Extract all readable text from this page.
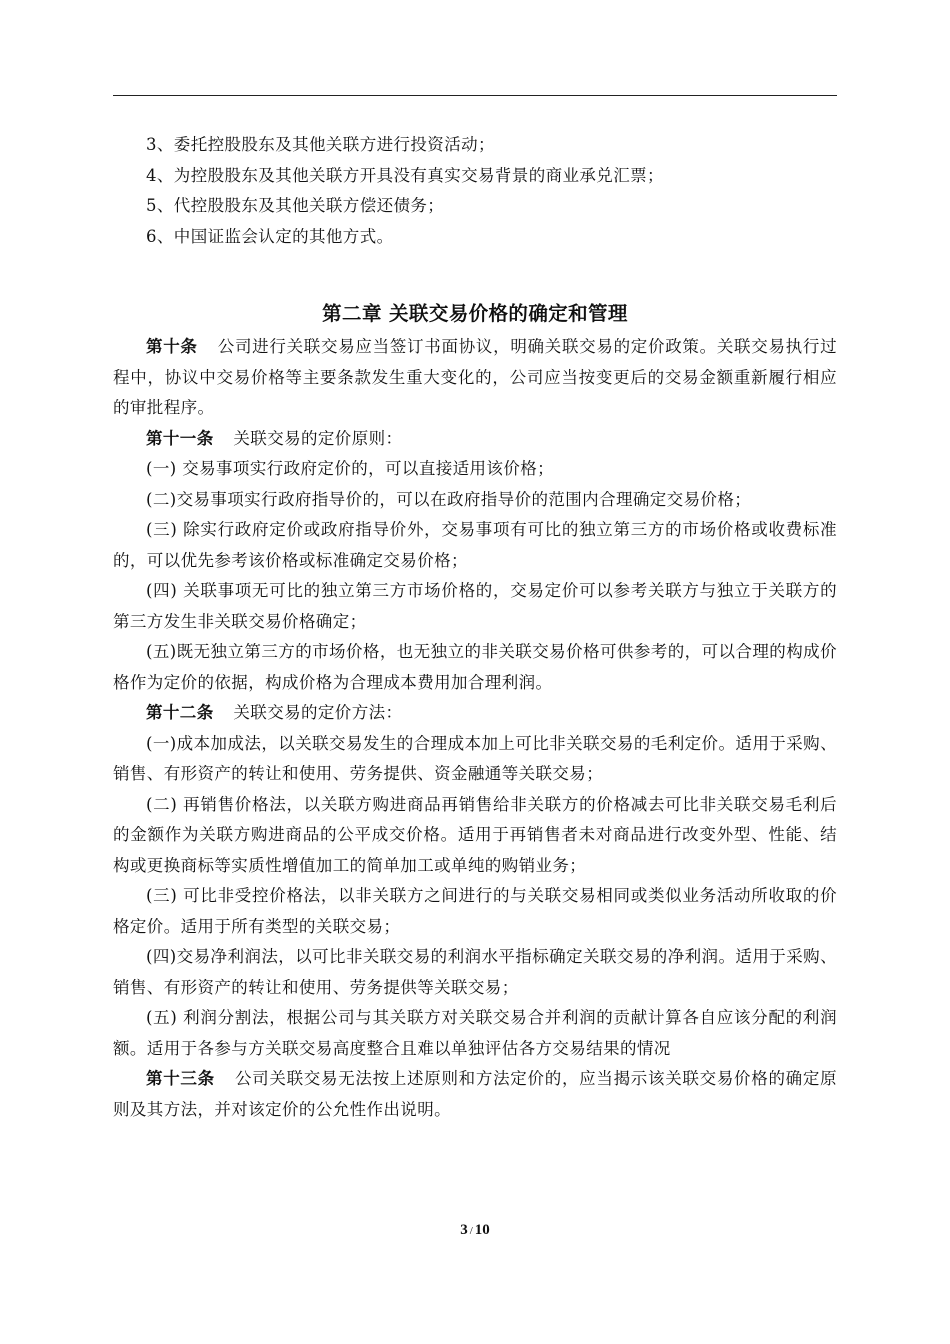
3、委托控股股东及其他关联方进行投资活动；

4、为控股股东及其他关联方开具没有真实交易背景的商业承兑汇票；

5、代控股股东及其他关联方偿还债务；

6、中国证监会认定的其他方式。

第二章 关联交易价格的确定和管理

第十条 公司进行关联交易应当签订书面协议，明确关联交易的定价政策。关联交易执行过程中，协议中交易价格等主要条款发生重大变化的，公司应当按变更后的交易金额重新履行相应的审批程序。

第十一条 关联交易的定价原则：

(一) 交易事项实行政府定价的，可以直接适用该价格；

(二)交易事项实行政府指导价的，可以在政府指导价的范围内合理确定交易价格；

(三) 除实行政府定价或政府指导价外，交易事项有可比的独立第三方的市场价格或收费标准的，可以优先参考该价格或标准确定交易价格；

(四) 关联事项无可比的独立第三方市场价格的，交易定价可以参考关联方与独立于关联方的第三方发生非关联交易价格确定；

(五)既无独立第三方的市场价格，也无独立的非关联交易价格可供参考的，可以合理的构成价格作为定价的依据，构成价格为合理成本费用加合理利润。

第十二条 关联交易的定价方法：

(一)成本加成法，以关联交易发生的合理成本加上可比非关联交易的毛利定价。适用于采购、销售、有形资产的转让和使用、劳务提供、资金融通等关联交易；

(二) 再销售价格法，以关联方购进商品再销售给非关联方的价格减去可比非关联交易毛利后的金额作为关联方购进商品的公平成交价格。适用于再销售者未对商品进行改变外型、性能、结构或更换商标等实质性增值加工的简单加工或单纯的购销业务；

(三) 可比非受控价格法，以非关联方之间进行的与关联交易相同或类似业务活动所收取的价格定价。适用于所有类型的关联交易；

(四)交易净利润法，以可比非关联交易的利润水平指标确定关联交易的净利润。适用于采购、销售、有形资产的转让和使用、劳务提供等关联交易；

(五) 利润分割法，根据公司与其关联方对关联交易合并利润的贡献计算各自应该分配的利润额。适用于各参与方关联交易高度整合且难以单独评估各方交易结果的情况

第十三条 公司关联交易无法按上述原则和方法定价的，应当揭示该关联交易价格的确定原则及其方法，并对该定价的公允性作出说明。

3 / 10
